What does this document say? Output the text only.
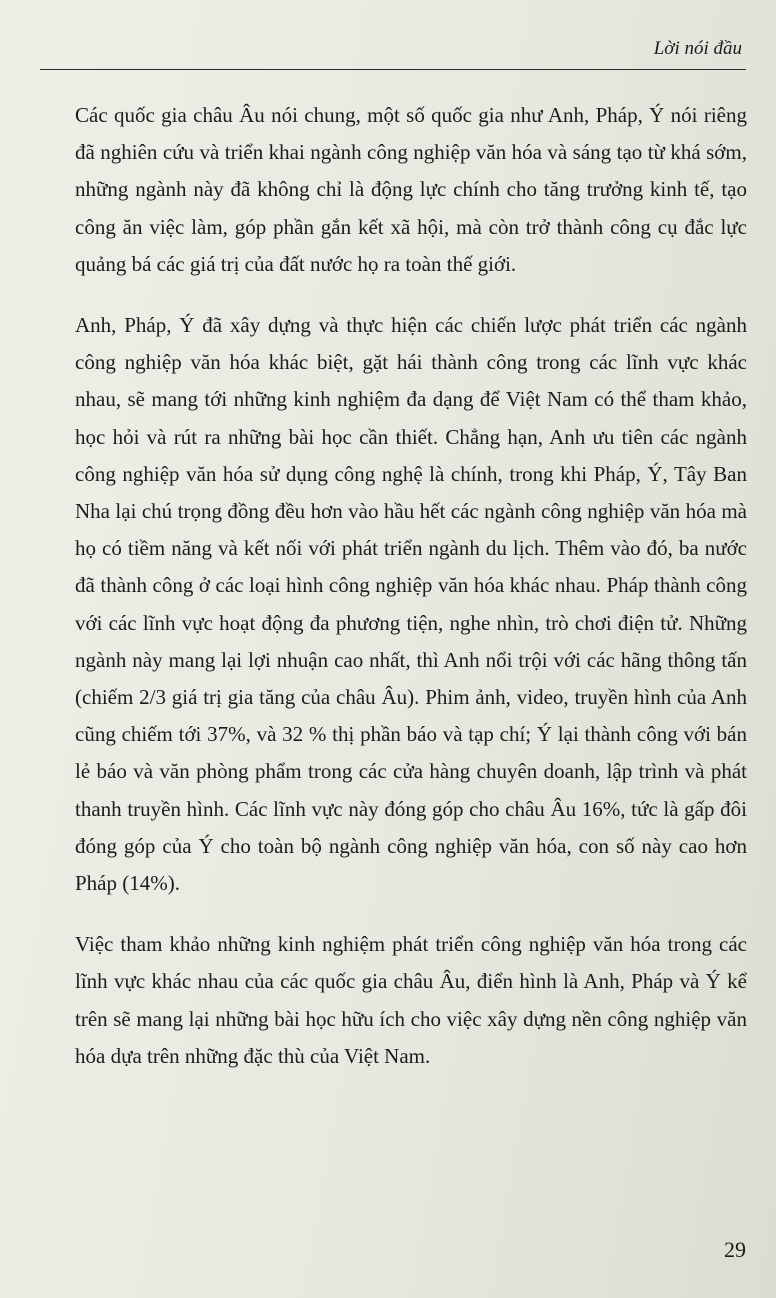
Lời nói đầu

Các quốc gia châu Âu nói chung, một số quốc gia như Anh, Pháp, Ý nói riêng đã nghiên cứu và triển khai ngành công nghiệp văn hóa và sáng tạo từ khá sớm, những ngành này đã không chỉ là động lực chính cho tăng trưởng kinh tế, tạo công ăn việc làm, góp phần gắn kết xã hội, mà còn trở thành công cụ đắc lực quảng bá các giá trị của đất nước họ ra toàn thế giới.

Anh, Pháp, Ý đã xây dựng và thực hiện các chiến lược phát triển các ngành công nghiệp văn hóa khác biệt, gặt hái thành công trong các lĩnh vực khác nhau, sẽ mang tới những kinh nghiệm đa dạng để Việt Nam có thể tham khảo, học hỏi và rút ra những bài học cần thiết. Chẳng hạn, Anh ưu tiên các ngành công nghiệp văn hóa sử dụng công nghệ là chính, trong khi Pháp, Ý, Tây Ban Nha lại chú trọng đồng đều hơn vào hầu hết các ngành công nghiệp văn hóa mà họ có tiềm năng và kết nối với phát triển ngành du lịch. Thêm vào đó, ba nước đã thành công ở các loại hình công nghiệp văn hóa khác nhau. Pháp thành công với các lĩnh vực hoạt động đa phương tiện, nghe nhìn, trò chơi điện tử. Những ngành này mang lại lợi nhuận cao nhất, thì Anh nổi trội với các hãng thông tấn (chiếm 2/3 giá trị gia tăng của châu Âu). Phim ảnh, video, truyền hình của Anh cũng chiếm tới 37%, và 32 % thị phần báo và tạp chí; Ý lại thành công với bán lẻ báo và văn phòng phẩm trong các cửa hàng chuyên doanh, lập trình và phát thanh truyền hình. Các lĩnh vực này đóng góp cho châu Âu 16%, tức là gấp đôi đóng góp của Ý cho toàn bộ ngành công nghiệp văn hóa, con số này cao hơn Pháp (14%).

Việc tham khảo những kinh nghiệm phát triển công nghiệp văn hóa trong các lĩnh vực khác nhau của các quốc gia châu Âu, điển hình là Anh, Pháp và Ý kể trên sẽ mang lại những bài học hữu ích cho việc xây dựng nền công nghiệp văn hóa dựa trên những đặc thù của Việt Nam.

29
